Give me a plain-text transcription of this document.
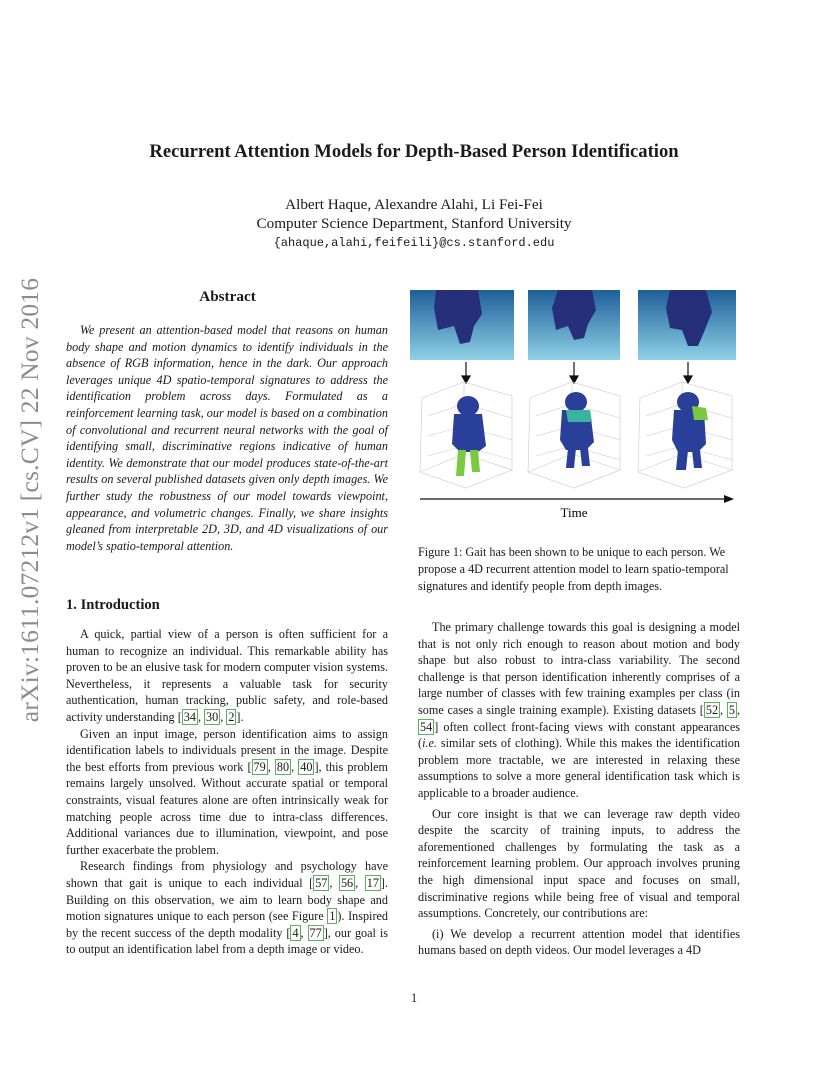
arXiv:1611.07212v1 [cs.CV] 22 Nov 2016
Recurrent Attention Models for Depth-Based Person Identification
Albert Haque, Alexandre Alahi, Li Fei-Fei
Computer Science Department, Stanford University
{ahaque,alahi,feifeili}@cs.stanford.edu
Abstract

We present an attention-based model that reasons on human body shape and motion dynamics to identify individuals in the absence of RGB information, hence in the dark. Our approach leverages unique 4D spatio-temporal signatures to address the identification problem across days. Formulated as a reinforcement learning task, our model is based on a combination of convolutional and recurrent neural networks with the goal of identifying small, discriminative regions indicative of human identity. We demonstrate that our model produces state-of-the-art results on several published datasets given only depth images. We further study the robustness of our model towards viewpoint, appearance, and volumetric changes. Finally, we share insights gleaned from interpretable 2D, 3D, and 4D visualizations of our model’s spatio-temporal attention.

1. Introduction

A quick, partial view of a person is often sufficient for a human to recognize an individual. This remarkable ability has proven to be an elusive task for modern computer vision systems. Nevertheless, it represents a valuable task for security authentication, human tracking, public safety, and role-based activity understanding [ 34 , 30 , 2 ].

Given an input image, person identification aims to assign identification labels to individuals present in the image. Despite the best efforts from previous work [ 79 , 80 , 40 ], this problem remains largely unsolved. Without accurate spatial or temporal constraints, visual features alone are often intrinsically weak for matching people across time due to intra-class differences. Additional variances due to illumination, viewpoint, and pose further exacerbate the problem.

Research findings from physiology and psychology have shown that gait is unique to each individual [ 57 , 56 , 17 ]. Building on this observation, we aim to learn body shape and motion signatures unique to each person (see Figure 1 ). Inspired by the recent success of the depth modality [ 4 , 77 ], our goal is to output an identification label from a depth image or video.

Time

Figure 1: Gait has been shown to be unique to each person. We propose a 4D recurrent attention model to learn spatio-temporal signatures and identify people from depth images.

The primary challenge towards this goal is designing a model that is not only rich enough to reason about motion and body shape but also robust to intra-class variability. The second challenge is that person identification inherently comprises of a large number of classes with few training examples per class (in some cases a single training example). Existing datasets [ 52 , 5 , 54 ] often collect front-facing views with constant appearances (i.e. similar sets of clothing). While this makes the identification problem more tractable, we are interested in relaxing these assumptions to solve a more general identification task which is applicable to a broader audience.

Our core insight is that we can leverage raw depth video despite the scarcity of training inputs, to address the aforementioned challenges by formulating the task as a reinforcement learning problem. Our approach involves pruning the high dimensional input space and focuses on small, discriminative regions while being free of visual and temporal assumptions. Concretely, our contributions are:

(i) We develop a recurrent attention model that identifies humans based on depth videos. Our model leverages a 4D

1
